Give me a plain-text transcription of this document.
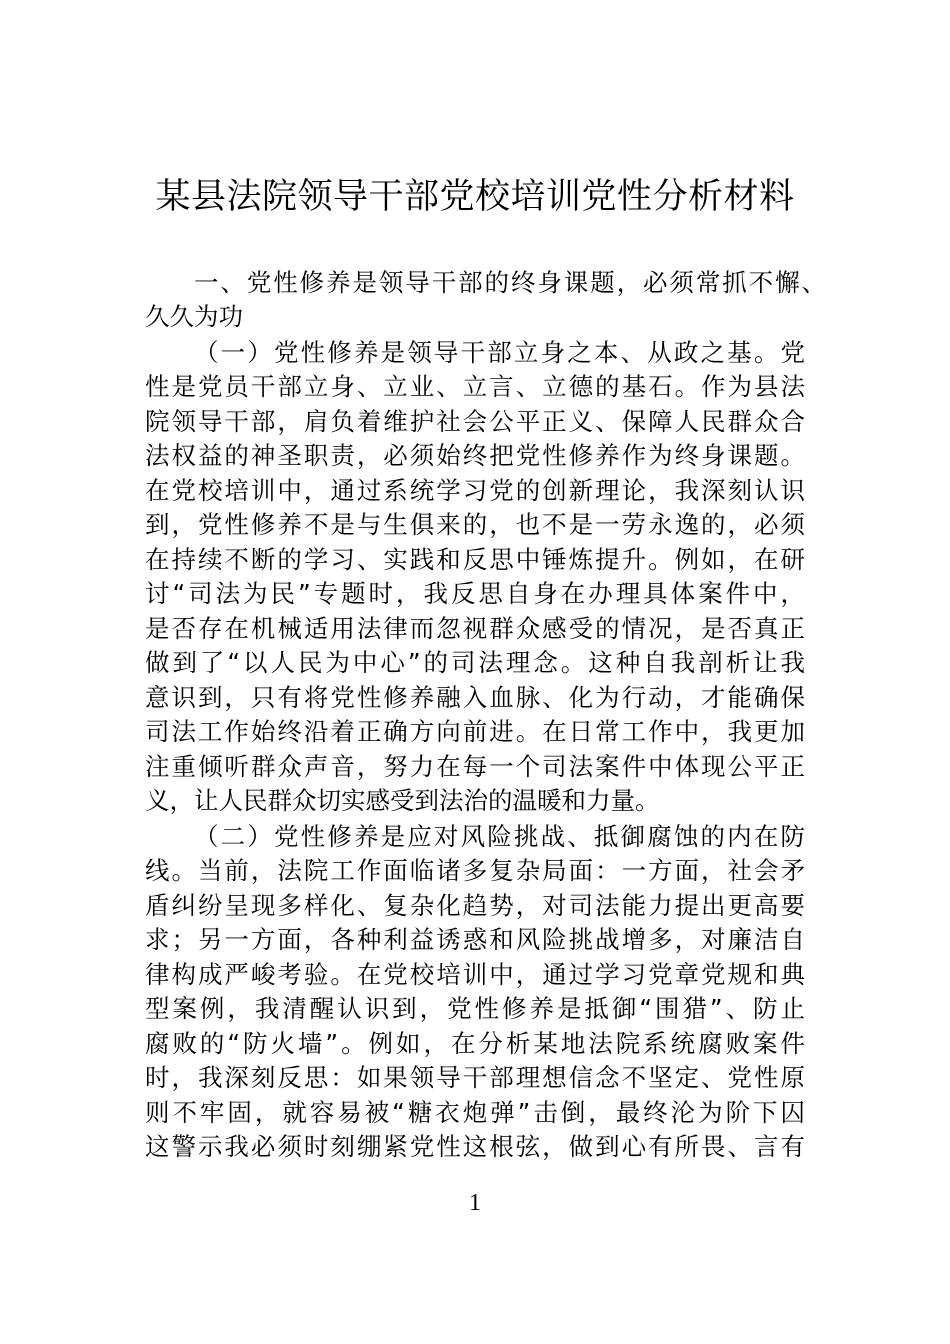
某县法院领导干部党校培训党性分析材料
一、党性修养是领导干部的终身课题，必须常抓不懈、
久久为功
（一）党性修养是领导干部立身之本、从政之基。党
性是党员干部立身、立业、立言、立德的基石。作为县法
院领导干部，肩负着维护社会公平正义、保障人民群众合
法权益的神圣职责，必须始终把党性修养作为终身课题。
在党校培训中，通过系统学习党的创新理论，我深刻认识
到，党性修养不是与生俱来的，也不是一劳永逸的，必须
在持续不断的学习、实践和反思中锤炼提升。例如，在研
讨“司法为民”专题时，我反思自身在办理具体案件中，
是否存在机械适用法律而忽视群众感受的情况，是否真正
做到了“以人民为中心”的司法理念。这种自我剖析让我
意识到，只有将党性修养融入血脉、化为行动，才能确保
司法工作始终沿着正确方向前进。在日常工作中，我更加
注重倾听群众声音，努力在每一个司法案件中体现公平正
义，让人民群众切实感受到法治的温暖和力量。
（二）党性修养是应对风险挑战、抵御腐蚀的内在防
线。当前，法院工作面临诸多复杂局面：一方面，社会矛
盾纠纷呈现多样化、复杂化趋势，对司法能力提出更高要
求；另一方面，各种利益诱惑和风险挑战增多，对廉洁自
律构成严峻考验。在党校培训中，通过学习党章党规和典
型案例，我清醒认识到，党性修养是抵御“围猎”、防止
腐败的“防火墙”。例如，在分析某地法院系统腐败案件
时，我深刻反思：如果领导干部理想信念不坚定、党性原
则不牢固，就容易被“糖衣炮弹”击倒，最终沦为阶下囚
这警示我必须时刻绷紧党性这根弦，做到心有所畏、言有
1
